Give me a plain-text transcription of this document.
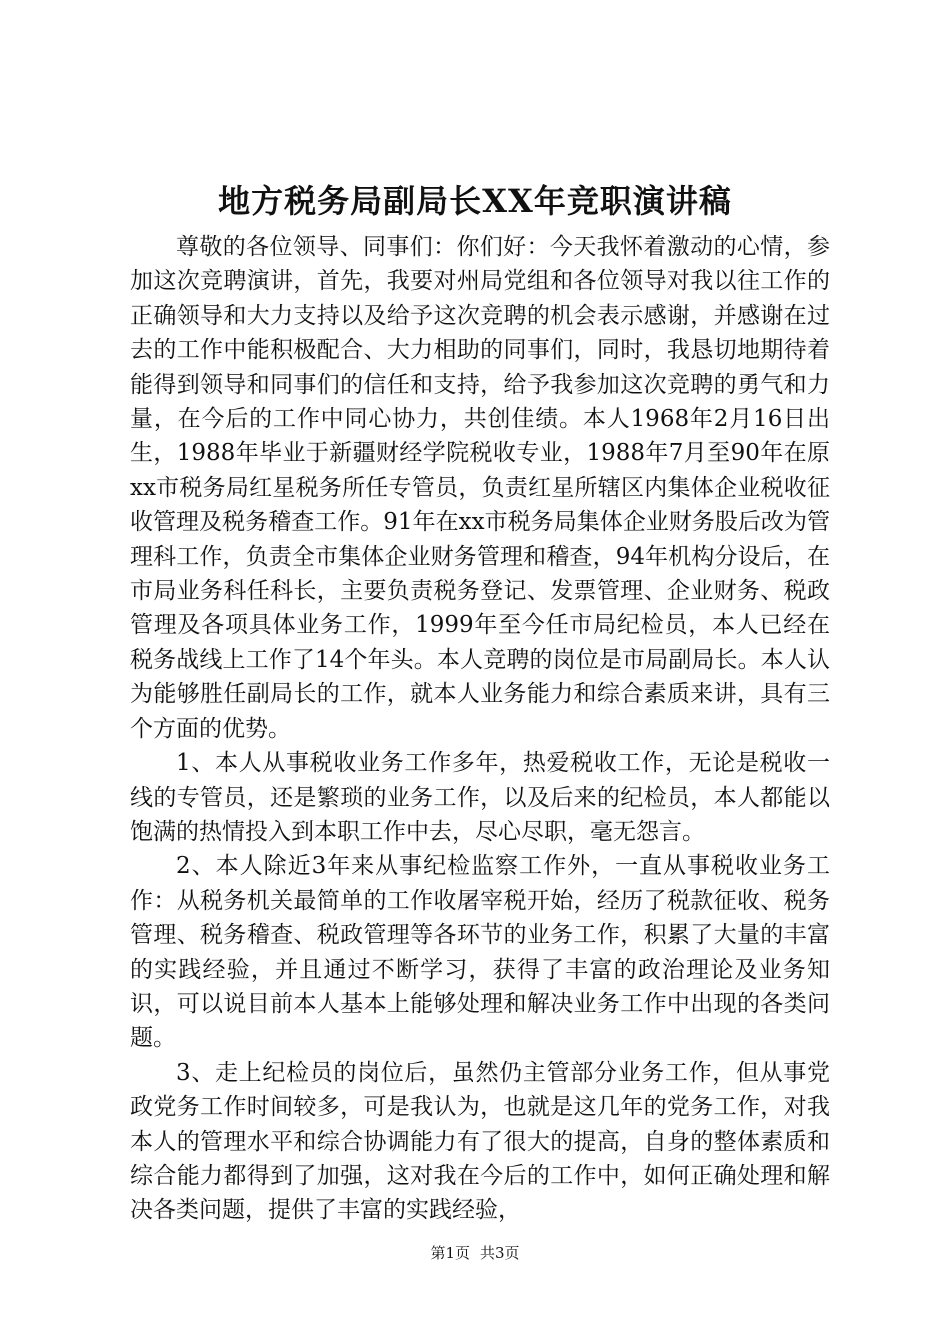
地方税务局副局长XX年竞职演讲稿

尊敬的各位领导、同事们：你们好：今天我怀着激动的心情，参加这次竞聘演讲，首先，我要对州局党组和各位领导对我以往工作的正确领导和大力支持以及给予这次竞聘的机会表示感谢，并感谢在过去的工作中能积极配合、大力相助的同事们，同时，我恳切地期待着能得到领导和同事们的信任和支持，给予我参加这次竞聘的勇气和力量，在今后的工作中同心协力，共创佳绩。本人1968年2月16日出生，1988年毕业于新疆财经学院税收专业，1988年7月至90年在原xx市税务局红星税务所任专管员，负责红星所辖区内集体企业税收征收管理及税务稽查工作。91年在xx市税务局集体企业财务股后改为管理科工作，负责全市集体企业财务管理和稽查，94年机构分设后，在市局业务科任科长，主要负责税务登记、发票管理、企业财务、税政管理及各项具体业务工作，1999年至今任市局纪检员，本人已经在税务战线上工作了14个年头。本人竞聘的岗位是市局副局长。本人认为能够胜任副局长的工作，就本人业务能力和综合素质来讲，具有三个方面的优势。

1、本人从事税收业务工作多年，热爱税收工作，无论是税收一线的专管员，还是繁琐的业务工作，以及后来的纪检员，本人都能以饱满的热情投入到本职工作中去，尽心尽职，毫无怨言。

2、本人除近3年来从事纪检监察工作外，一直从事税收业务工作：从税务机关最简单的工作收屠宰税开始，经历了税款征收、税务管理、税务稽查、税政管理等各环节的业务工作，积累了大量的丰富的实践经验，并且通过不断学习，获得了丰富的政治理论及业务知识，可以说目前本人基本上能够处理和解决业务工作中出现的各类问题。

3、走上纪检员的岗位后，虽然仍主管部分业务工作，但从事党政党务工作时间较多，可是我认为，也就是这几年的党务工作，对我本人的管理水平和综合协调能力有了很大的提高，自身的整体素质和综合能力都得到了加强，这对我在今后的工作中，如何正确处理和解决各类问题，提供了丰富的实践经验，

第1页 共3页
